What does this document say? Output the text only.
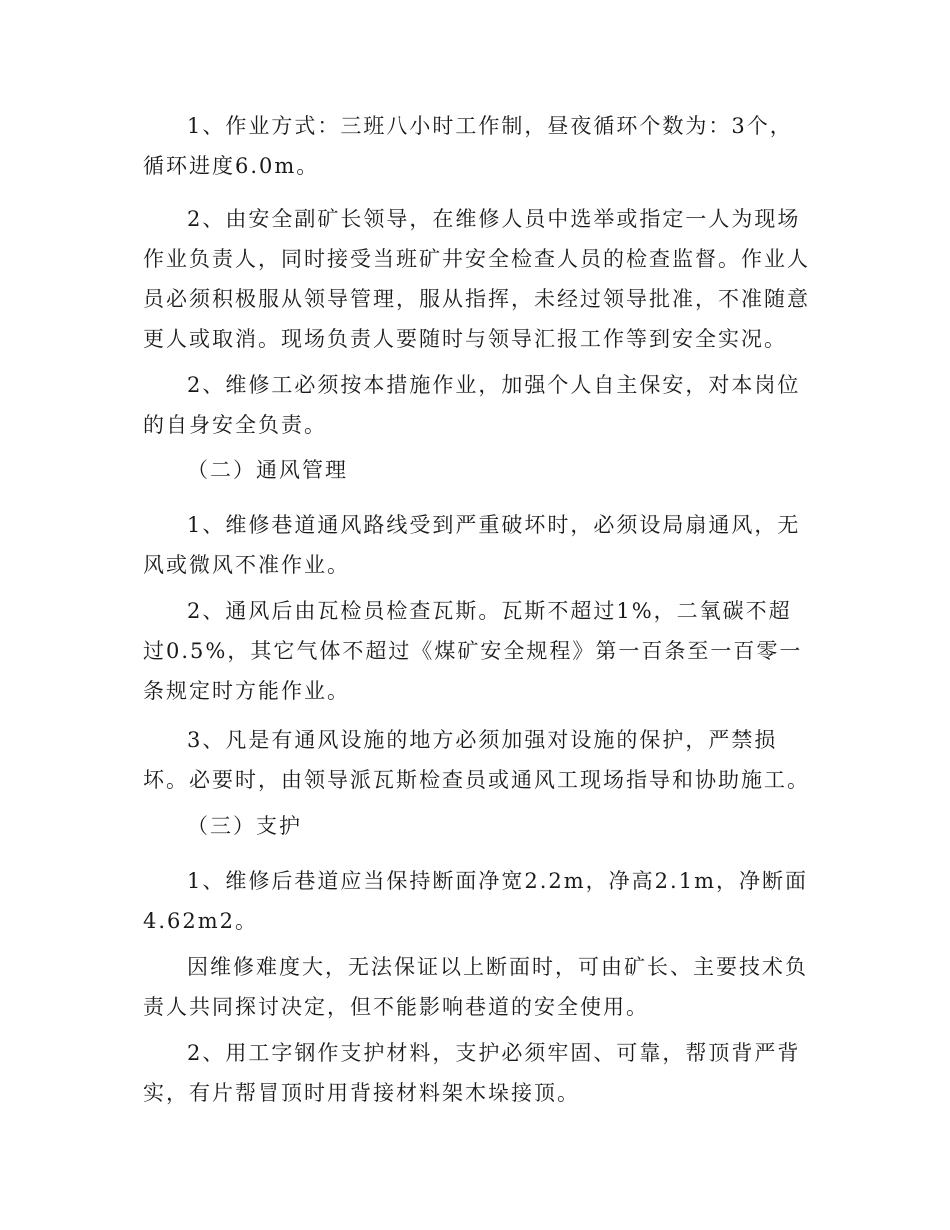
1、作业方式：三班八小时工作制，昼夜循环个数为：3个，循环进度6.0m。

2、由安全副矿长领导，在维修人员中选举或指定一人为现场作业负责人，同时接受当班矿井安全检查人员的检查监督。作业人员必须积极服从领导管理，服从指挥，未经过领导批准，不准随意更人或取消。现场负责人要随时与领导汇报工作等到安全实况。

2、维修工必须按本措施作业，加强个人自主保安，对本岗位的自身安全负责。

（二）通风管理

1、维修巷道通风路线受到严重破坏时，必须设局扇通风，无风或微风不准作业。

2、通风后由瓦检员检查瓦斯。瓦斯不超过1%，二氧碳不超过0.5%，其它气体不超过《煤矿安全规程》第一百条至一百零一条规定时方能作业。

3、凡是有通风设施的地方必须加强对设施的保护，严禁损坏。必要时，由领导派瓦斯检查员或通风工现场指导和协助施工。

（三）支护

1、维修后巷道应当保持断面净宽2.2m，净高2.1m，净断面4.62m2。

因维修难度大，无法保证以上断面时，可由矿长、主要技术负责人共同探讨决定，但不能影响巷道的安全使用。

2、用工字钢作支护材料，支护必须牢固、可靠，帮顶背严背实，有片帮冒顶时用背接材料架木垛接顶。
